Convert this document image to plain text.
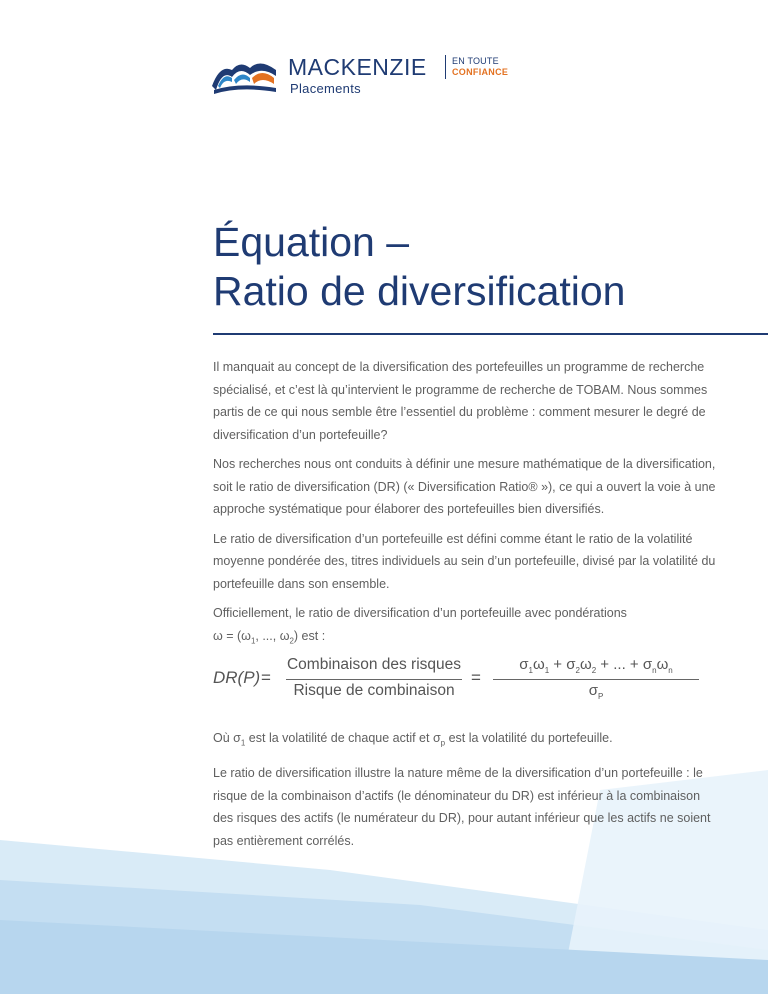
MACKENZIE
Placements
EN TOUTE
CONFIANCE
Équation –
Ratio de diversification

Il manquait au concept de la diversification des portefeuilles un programme de recherche spécialisé, et c’est là qu’intervient le programme de recherche de TOBAM. Nous sommes partis de ce qui nous semble être l’essentiel du problème : comment mesurer le degré de diversification d’un portefeuille?

Nos recherches nous ont conduits à définir une mesure mathématique de la diversification, soit le ratio de diversification (DR) (« Diversification Ratio® »), ce qui a ouvert la voie à une approche systématique pour élaborer des portefeuilles bien diversifiés.

Le ratio de diversification d’un portefeuille est défini comme étant le ratio de la volatilité moyenne pondérée des, titres individuels au sein d’un portefeuille, divisé par la volatilité du portefeuille dans son ensemble.

Officiellement, le ratio de diversification d’un portefeuille avec pondérations
$\omega = (\omega_1$, ..., $\omega_2$) est :

DR(P) =
Combinaison des risques
Risque de combinaison
=
$\sigma_1\omega_1 + \sigma_2\omega_2$ + ... + $\sigma_n\omega_n$
$\sigma_P$

Où $\sigma_1$ est la volatilité de chaque actif et $\sigma_p$ est la volatilité du portefeuille.

Le ratio de diversification illustre la nature même de la diversification d’un portefeuille : le risque de la combinaison d’actifs (le dénominateur du DR) est inférieur à la combinaison des risques des actifs (le numérateur du DR), pour autant inférieur que les actifs ne soient pas entièrement corrélés.
